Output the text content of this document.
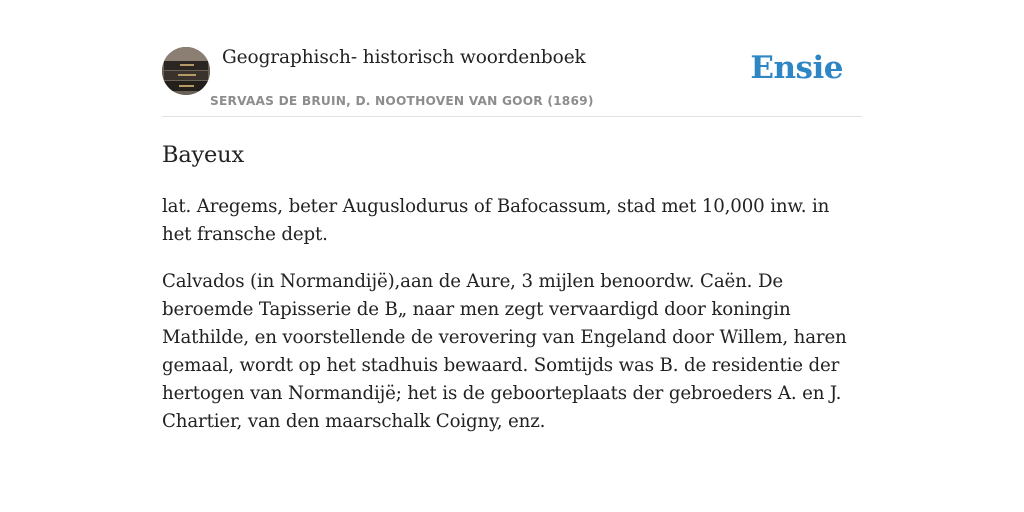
Geographisch- historisch woordenboek
SERVAAS DE BRUIN, D. NOOTHOVEN VAN GOOR (1869)
Ensie
Bayeux

lat. Aregems, beter Auguslodurus of Bafocassum, stad met 10,000 inw. in het fransche dept.

Calvados (in Normandijë),aan de Aure, 3 mijlen benoordw. Caën. De beroemde Tapisserie de B„ naar men zegt vervaardigd door koningin Mathilde, en voorstellende de verovering van Engeland door Willem, haren gemaal, wordt op het stadhuis bewaard. Somtijds was B. de residentie der hertogen van Normandijë; het is de geboorteplaats der gebroeders A. en J. Chartier, van den maarschalk Coigny, enz.
